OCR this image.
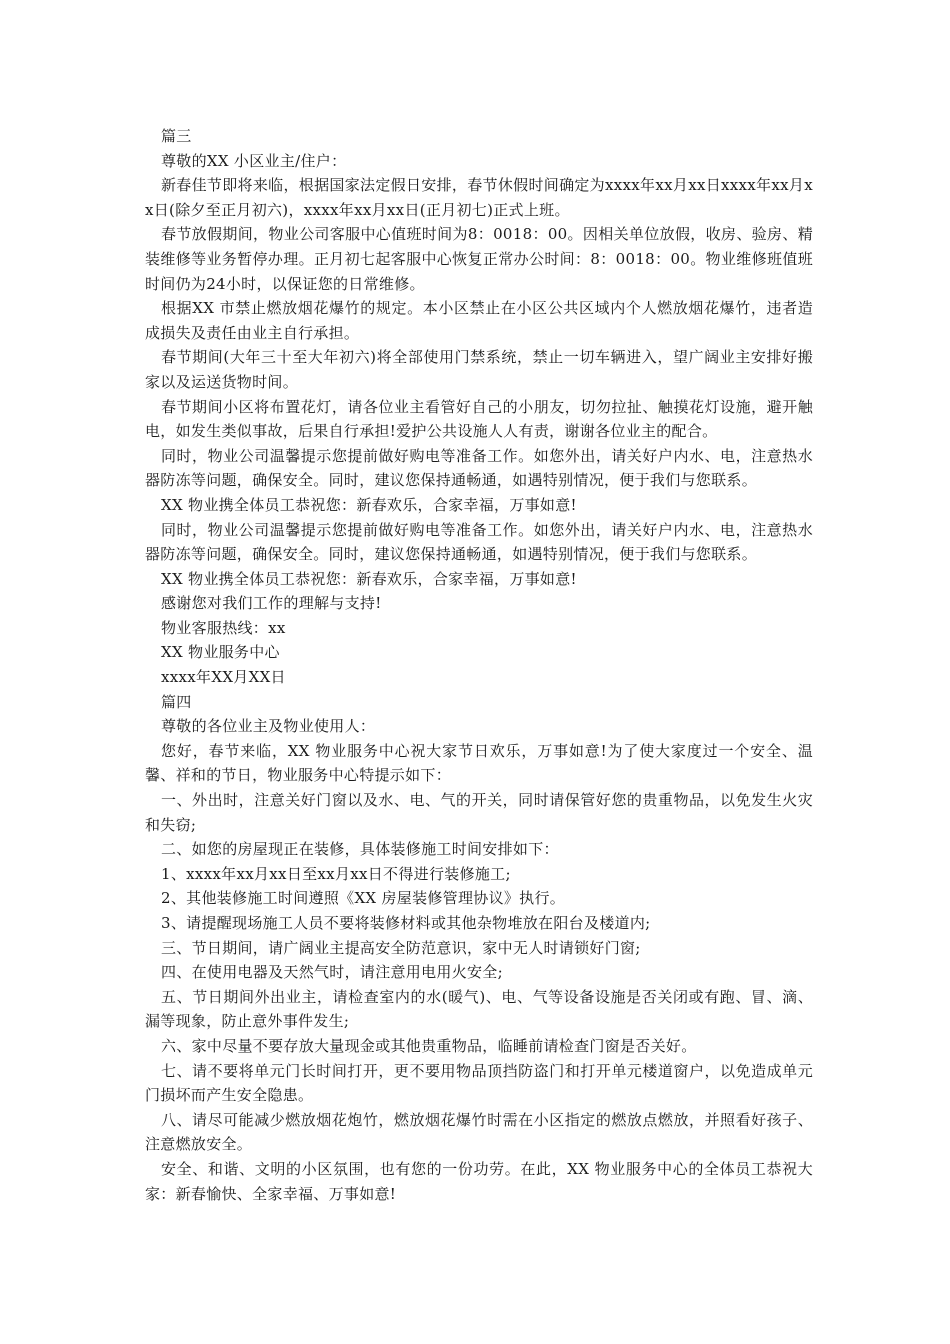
篇三

尊敬的XX 小区业主/住户：

新春佳节即将来临，根据国家法定假日安排，春节休假时间确定为xxxx年xx月xx日xxxx年xx月xx日(除夕至正月初六)，xxxx年xx月xx日(正月初七)正式上班。

春节放假期间，物业公司客服中心值班时间为8：0018：00。因相关单位放假，收房、验房、精装维修等业务暂停办理。正月初七起客服中心恢复正常办公时间：8：0018：00。物业维修班值班时间仍为24小时，以保证您的日常维修。

根据XX 市禁止燃放烟花爆竹的规定。本小区禁止在小区公共区域内个人燃放烟花爆竹，违者造成损失及责任由业主自行承担。

春节期间(大年三十至大年初六)将全部使用门禁系统，禁止一切车辆进入，望广阔业主安排好搬家以及运送货物时间。

春节期间小区将布置花灯，请各位业主看管好自己的小朋友，切勿拉扯、触摸花灯设施，避开触电，如发生类似事故，后果自行承担!爱护公共设施人人有责，谢谢各位业主的配合。

同时，物业公司温馨提示您提前做好购电等准备工作。如您外出，请关好户内水、电，注意热水器防冻等问题，确保安全。同时，建议您保持通畅通，如遇特别情况，便于我们与您联系。

XX 物业携全体员工恭祝您：新春欢乐，合家幸福，万事如意!

同时，物业公司温馨提示您提前做好购电等准备工作。如您外出，请关好户内水、电，注意热水器防冻等问题，确保安全。同时，建议您保持通畅通，如遇特别情况，便于我们与您联系。

XX 物业携全体员工恭祝您：新春欢乐，合家幸福，万事如意!

感谢您对我们工作的理解与支持!

物业客服热线：xx

XX 物业服务中心

xxxx年XX月XX日

篇四

尊敬的各位业主及物业使用人：

您好，春节来临，XX 物业服务中心祝大家节日欢乐，万事如意!为了使大家度过一个安全、温馨、祥和的节日，物业服务中心特提示如下：

一、外出时，注意关好门窗以及水、电、气的开关，同时请保管好您的贵重物品，以免发生火灾和失窃;

二、如您的房屋现正在装修，具体装修施工时间安排如下：

1、xxxx年xx月xx日至xx月xx日不得进行装修施工;

2、其他装修施工时间遵照《XX 房屋装修管理协议》执行。

3、请提醒现场施工人员不要将装修材料或其他杂物堆放在阳台及楼道内;

三、节日期间，请广阔业主提高安全防范意识，家中无人时请锁好门窗;

四、在使用电器及天然气时，请注意用电用火安全;

五、节日期间外出业主，请检查室内的水(暖气)、电、气等设备设施是否关闭或有跑、冒、滴、漏等现象，防止意外事件发生;

六、家中尽量不要存放大量现金或其他贵重物品，临睡前请检查门窗是否关好。

七、请不要将单元门长时间打开，更不要用物品顶挡防盗门和打开单元楼道窗户，以免造成单元门损坏而产生安全隐患。

八、请尽可能减少燃放烟花炮竹，燃放烟花爆竹时需在小区指定的燃放点燃放，并照看好孩子、注意燃放安全。

安全、和谐、文明的小区氛围，也有您的一份功劳。在此，XX 物业服务中心的全体员工恭祝大家：新春愉快、全家幸福、万事如意!
